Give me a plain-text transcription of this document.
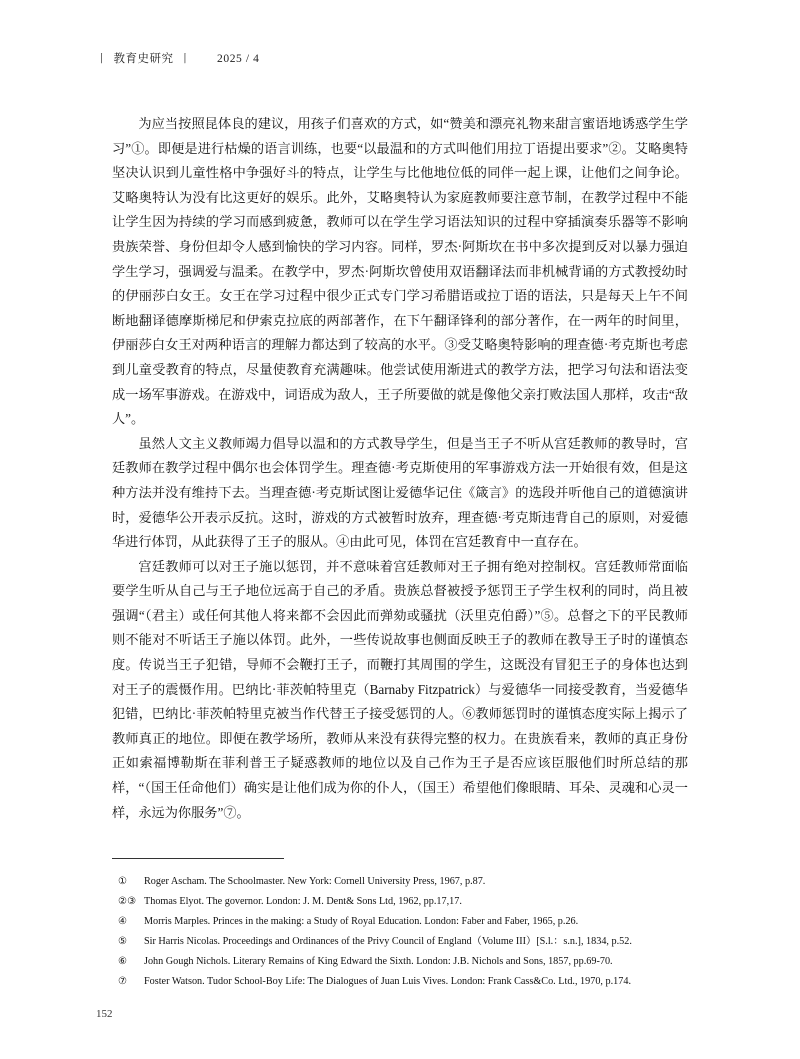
丨 教育史研究 丨 2025 / 4

为应当按照昆体良的建议，用孩子们喜欢的方式，如“赞美和漂亮礼物来甜言蜜语地诱惑学生学习”①。即便是进行枯燥的语言训练，也要“以最温和的方式叫他们用拉丁语提出要求”②。艾略奥特坚决认识到儿童性格中争强好斗的特点，让学生与比他地位低的同伴一起上课，让他们之间争论。艾略奥特认为没有比这更好的娱乐。此外，艾略奥特认为家庭教师要注意节制，在教学过程中不能让学生因为持续的学习而感到疲惫，教师可以在学生学习语法知识的过程中穿插演奏乐器等不影响贵族荣誉、身份但却令人感到愉快的学习内容。同样，罗杰·阿斯坎在书中多次提到反对以暴力强迫学生学习，强调爱与温柔。在教学中，罗杰·阿斯坎曾使用双语翻译法而非机械背诵的方式教授幼时的伊丽莎白女王。女王在学习过程中很少正式专门学习希腊语或拉丁语的语法，只是每天上午不间断地翻译德摩斯梯尼和伊索克拉底的两部著作，在下午翻译锋利的部分著作，在一两年的时间里，伊丽莎白女王对两种语言的理解力都达到了较高的水平。③受艾略奥特影响的理查德·考克斯也考虑到儿童受教育的特点，尽量使教育充满趣味。他尝试使用渐进式的教学方法，把学习句法和语法变成一场军事游戏。在游戏中，词语成为敌人，王子所要做的就是像他父亲打败法国人那样，攻击“敌人”。

虽然人文主义教师竭力倡导以温和的方式教导学生，但是当王子不听从宫廷教师的教导时，宫廷教师在教学过程中偶尔也会体罚学生。理查德·考克斯使用的军事游戏方法一开始很有效，但是这种方法并没有维持下去。当理查德·考克斯试图让爱德华记住《箴言》的选段并听他自己的道德演讲时，爱德华公开表示反抗。这时，游戏的方式被暂时放弃，理查德·考克斯违背自己的原则，对爱德华进行体罚，从此获得了王子的服从。④由此可见，体罚在宫廷教育中一直存在。

宫廷教师可以对王子施以惩罚，并不意味着宫廷教师对王子拥有绝对控制权。宫廷教师常面临要学生听从自己与王子地位远高于自己的矛盾。贵族总督被授予惩罚王子学生权利的同时，尚且被强调“（君主）或任何其他人将来都不会因此而弹劾或骚扰（沃里克伯爵）”⑤。总督之下的平民教师则不能对不听话王子施以体罚。此外，一些传说故事也侧面反映王子的教师在教导王子时的谨慎态度。传说当王子犯错，导师不会鞭打王子，而鞭打其周围的学生，这既没有冒犯王子的身体也达到对王子的震慑作用。巴纳比·菲茨帕特里克（Barnaby Fitzpatrick）与爱德华一同接受教育，当爱德华犯错，巴纳比·菲茨帕特里克被当作代替王子接受惩罚的人。⑥教师惩罚时的谨慎态度实际上揭示了教师真正的地位。即便在教学场所，教师从来没有获得完整的权力。在贵族看来，教师的真正身份正如索福博勒斯在菲利普王子疑惑教师的地位以及自己作为王子是否应该臣服他们时所总结的那样，“（国王任命他们）确实是让他们成为你的仆人，（国王）希望他们像眼睛、耳朵、灵魂和心灵一样，永远为你服务”⑦。

①	Roger Ascham. The Schoolmaster. New York: Cornell University Press, 1967, p.87.
②③ Thomas Elyot. The governor. London: J. M. Dent& Sons Ltd, 1962, pp.17,17.
④	Morris Marples. Princes in the making: a Study of Royal Education. London: Faber and Faber, 1965, p.26.
⑤	Sir Harris Nicolas. Proceedings and Ordinances of the Privy Council of England（Volume III）[S.l.：s.n.], 1834, p.52.
⑥	John Gough Nichols. Literary Remains of King Edward the Sixth. London: J.B. Nichols and Sons, 1857, pp.69-70.
⑦	Foster Watson. Tudor School-Boy Life: The Dialogues of Juan Luis Vives. London: Frank Cass&Co. Ltd., 1970, p.174.
152
